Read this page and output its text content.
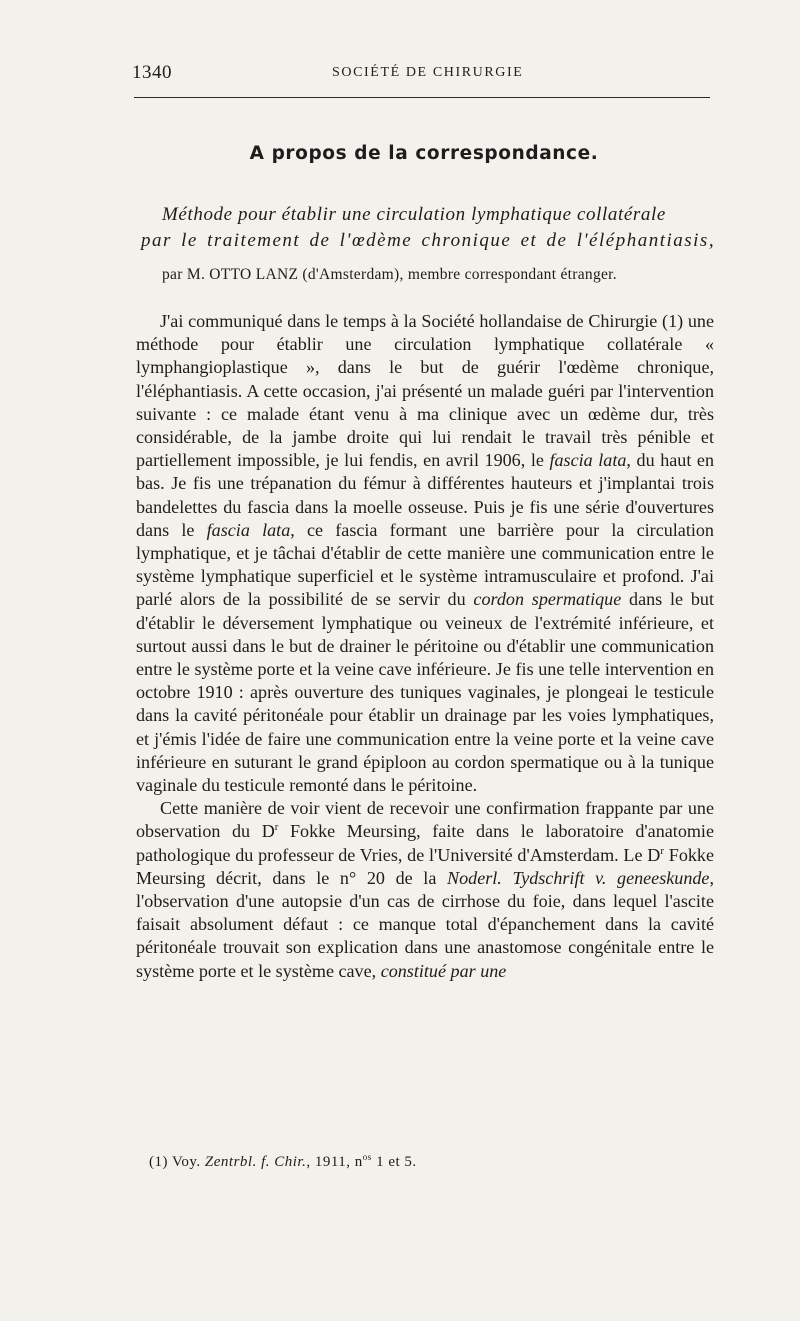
1340	SOCIÉTÉ DE CHIRURGIE
A propos de la correspondance.
Méthode pour établir une circulation lymphatique collatérale
par le traitement de l'œdème chronique et de l'éléphantiasis,
par M. OTTO LANZ (d'Amsterdam), membre correspondant étranger.

J'ai communiqué dans le temps à la Société hollandaise de Chirurgie (1) une méthode pour établir une circulation lymphatique collatérale « lymphangioplastique », dans le but de guérir l'œdème chronique, l'éléphantiasis. A cette occasion, j'ai présenté un malade guéri par l'intervention suivante : ce malade étant venu à ma clinique avec un œdème dur, très considérable, de la jambe droite qui lui rendait le travail très pénible et partiellement impossible, je lui fendis, en avril 1906, le fascia lata, du haut en bas. Je fis une trépanation du fémur à différentes hauteurs et j'implantai trois bandelettes du fascia dans la moelle osseuse. Puis je fis une série d'ouvertures dans le fascia lata, ce fascia formant une barrière pour la circulation lymphatique, et je tâchai d'établir de cette manière une communication entre le système lymphatique superficiel et le système intramusculaire et profond. J'ai parlé alors de la possibilité de se servir du cordon spermatique dans le but d'établir le déversement lymphatique ou veineux de l'extrémité inférieure, et surtout aussi dans le but de drainer le péritoine ou d'établir une communication entre le système porte et la veine cave inférieure. Je fis une telle intervention en octobre 1910 : après ouverture des tuniques vaginales, je plongeai le testicule dans la cavité péritonéale pour établir un drainage par les voies lymphatiques, et j'émis l'idée de faire une communication entre la veine porte et la veine cave inférieure en suturant le grand épiploon au cordon spermatique ou à la tunique vaginale du testicule remonté dans le péritoine.

Cette manière de voir vient de recevoir une confirmation frappante par une observation du $D^r$ Fokke Meursing, faite dans le laboratoire d'anatomie pathologique du professeur de Vries, de l'Université d'Amsterdam. Le $D^r$ Fokke Meursing décrit, dans le n° 20 de la Noderl. Tydschrift v. geneeskunde, l'observation d'une autopsie d'un cas de cirrhose du foie, dans lequel l'ascite faisait absolument défaut : ce manque total d'épanchement dans la cavité péritonéale trouvait son explication dans une anastomose congénitale entre le système porte et le système cave, constitué par une

(1) Voy. Zentrbl. f. Chir., 1911, $n^{os}$ 1 et 5.
